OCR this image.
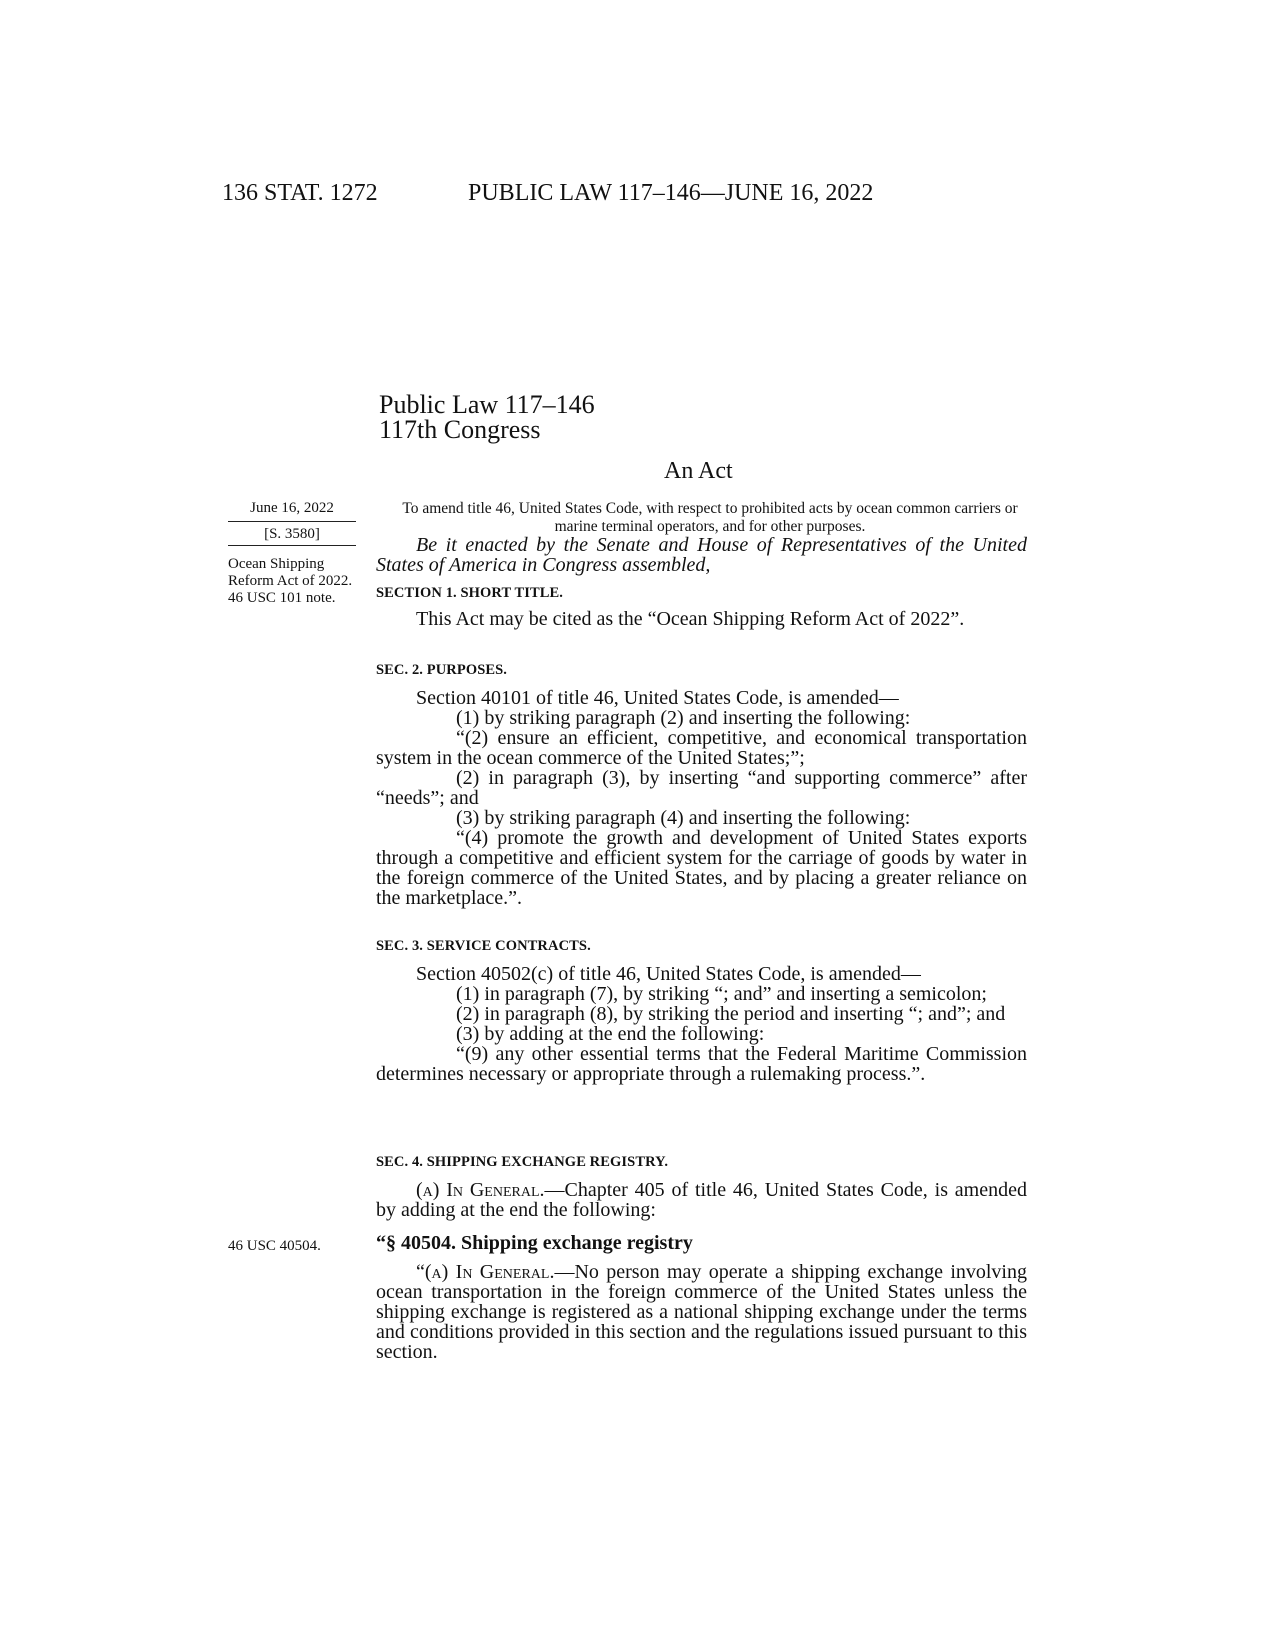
136 STAT. 1272	PUBLIC LAW 117–146—JUNE 16, 2022
Public Law 117–146
117th Congress
An Act
June 16, 2022
[S. 3580]
To amend title 46, United States Code, with respect to prohibited acts by ocean common carriers or marine terminal operators, and for other purposes.
Be it enacted by the Senate and House of Representatives of the United States of America in Congress assembled,
Ocean Shipping Reform Act of 2022.
46 USC 101 note.	SECTION 1. SHORT TITLE.
This Act may be cited as the “Ocean Shipping Reform Act of 2022”.
SEC. 2. PURPOSES.
Section 40101 of title 46, United States Code, is amended—
(1) by striking paragraph (2) and inserting the following:
“(2) ensure an efficient, competitive, and economical transportation system in the ocean commerce of the United States;”;
(2) in paragraph (3), by inserting “and supporting commerce” after “needs”; and
(3) by striking paragraph (4) and inserting the following:
“(4) promote the growth and development of United States exports through a competitive and efficient system for the carriage of goods by water in the foreign commerce of the United States, and by placing a greater reliance on the marketplace.”.
SEC. 3. SERVICE CONTRACTS.
Section 40502(c) of title 46, United States Code, is amended—
(1) in paragraph (7), by striking “; and” and inserting a semicolon;
(2) in paragraph (8), by striking the period and inserting “; and”; and
(3) by adding at the end the following:
“(9) any other essential terms that the Federal Maritime Commission determines necessary or appropriate through a rulemaking process.”.
SEC. 4. SHIPPING EXCHANGE REGISTRY.
(a) In General.—Chapter 405 of title 46, United States Code, is amended by adding at the end the following:
46 USC 40504.	“§ 40504. Shipping exchange registry
“(a) In General.—No person may operate a shipping exchange involving ocean transportation in the foreign commerce of the United States unless the shipping exchange is registered as a national shipping exchange under the terms and conditions provided in this section and the regulations issued pursuant to this section.
